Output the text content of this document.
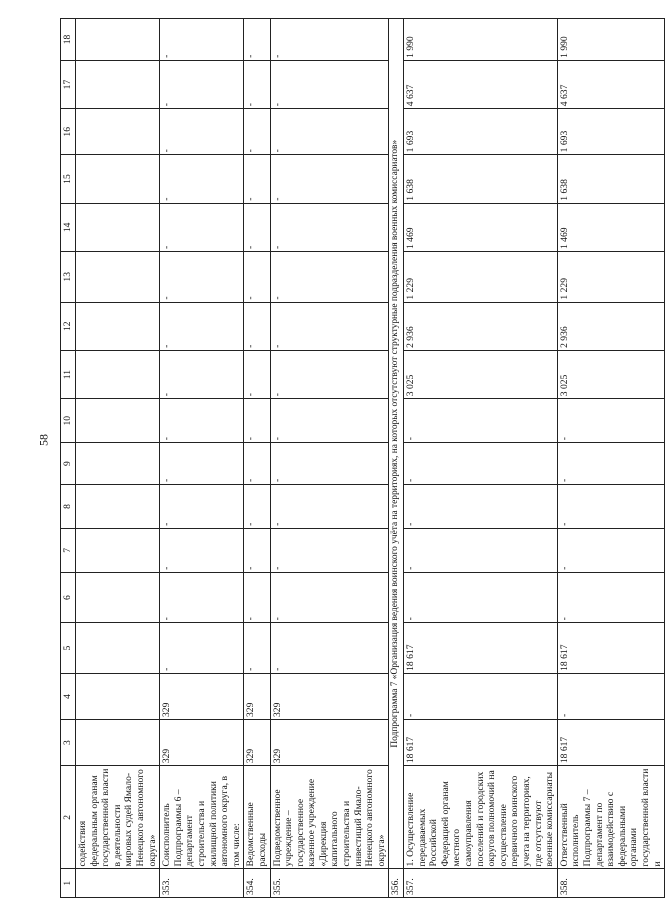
58
1	2	3	4	5	6	7	8	9	10	11	12	13	14	15	16	17	18
	содействия федеральным органам государственной власти в деятельности мировых судей Ямало-Ненецкого автономного округа»																
353.	Соисполнитель Подпрограммы 6 – департамент строительства и жилищной политики автономного округа, в том числе:	329	329	-	-	-	-	-	-	-	-	-	-	-	-	-	-
354.	Ведомственные расходы	329	329	-	-	-	-	-	-	-	-	-	-	-	-	-	-
355.	Подведомственное учреждение – государственное казенное учреждение «Дирекция капитального строительства и инвестиций Ямало-Ненецкого автономного округа»	329	329	-	-	-	-	-	-	-	-	-	-	-	-	-	-
356.	Подпрограмма 7 «Организация ведения воинского учёта на территориях, на которых отсутствуют структурные подразделения военных комиссариатов»																
357.	1. Осуществление передаваемых Российской Федерацией органам местного самоуправления поселений и городских округов полномочий на осуществление первичного воинского учета на территориях, где отсутствуют военные комиссариаты	18 617	-	18 617	-	-	-	-	-	3 025	2 936	1 229	1 469	1 638	1 693	4 637	1 990
358.	Ответственный исполнитель Подпрограммы 7 – департамент по взаимодействию с федеральными органами государственной власти и	18 617	-	18 617	-	-	-	-	-	3 025	2 936	1 229	1 469	1 638	1 693	4 637	1 990
